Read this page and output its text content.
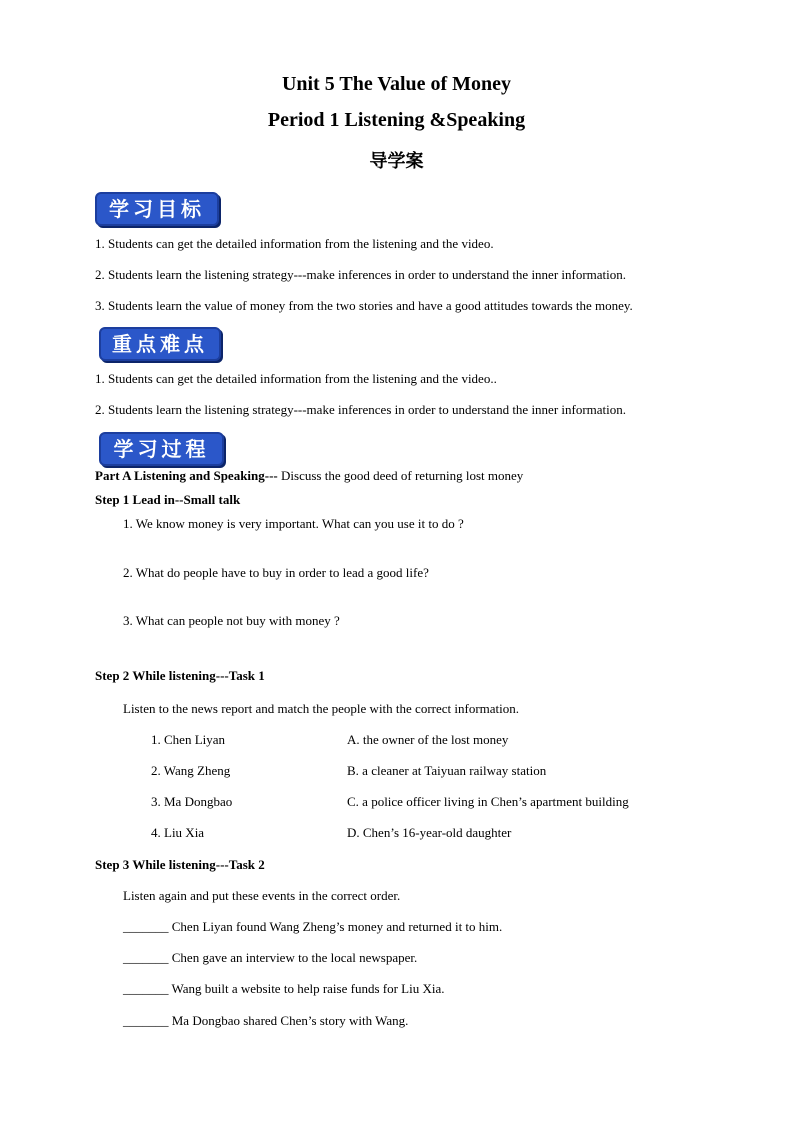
Unit 5 The Value of Money
Period 1 Listening &Speaking
导学案
学习目标
1. Students can get the detailed information from the listening and the video.
2. Students learn the listening strategy---make inferences in order to understand the inner information.
3. Students learn the value of money from the two stories and have a good attitudes towards the money.
重点难点
1. Students can get the detailed information from the listening and the video..
2. Students learn the listening strategy---make inferences in order to understand the inner information.
学习过程
Part A Listening and Speaking--- Discuss the good deed of returning lost money
Step 1 Lead in--Small talk
1. We know money is very important. What can you use it to do ?
2. What do people have to buy in order to lead a good life?
3. What can people not buy with money ?
Step 2 While listening---Task 1
Listen to the news report and match the people with the correct information.
1. Chen Liyan	A. the owner of the lost money
2. Wang Zheng	B. a cleaner at Taiyuan railway station
3. Ma Dongbao	C. a police officer living in Chen’s apartment building
4. Liu Xia	D. Chen’s 16-year-old daughter
Step 3 While listening---Task 2
Listen again and put these events in the correct order.
_______ Chen Liyan found Wang Zheng’s money and returned it to him.
_______ Chen gave an interview to the local newspaper.
_______ Wang built a website to help raise funds for Liu Xia.
_______ Ma Dongbao shared Chen’s story with Wang.
